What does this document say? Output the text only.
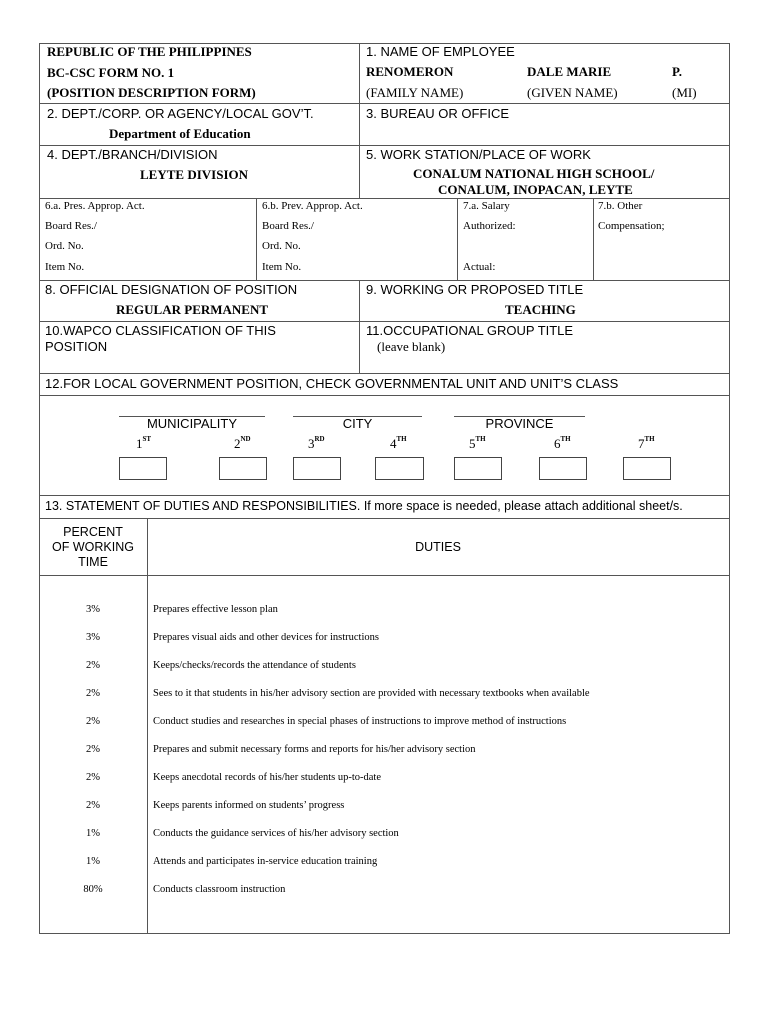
REPUBLIC OF THE PHILIPPINES
BC-CSC FORM NO. 1
(POSITION DESCRIPTION FORM)
1. NAME OF EMPLOYEE
RENOMERON	DALE MARIE	P.
(FAMILY NAME)	(GIVEN NAME)	(MI)
2. DEPT./CORP. OR AGENCY/LOCAL GOV’T.
Department of Education
3. BUREAU OR OFFICE
4. DEPT./BRANCH/DIVISION
LEYTE DIVISION
5. WORK STATION/PLACE OF WORK
CONALUM NATIONAL HIGH SCHOOL/
CONALUM, INOPACAN, LEYTE
6.a. Pres. Approp. Act.
Board Res./
Ord. No.
Item No.
6.b. Prev. Approp. Act.
Board Res./
Ord. No.
Item No.
7.a. Salary
Authorized:
Actual:
7.b. Other
Compensation;
8. OFFICIAL DESIGNATION OF POSITION
REGULAR PERMANENT
9. WORKING OR PROPOSED TITLE
TEACHING
10.WAPCO CLASSIFICATION OF THIS
POSITION
11.OCCUPATIONAL GROUP TITLE
(leave blank)
12.FOR LOCAL GOVERNMENT POSITION, CHECK GOVERNMENTAL UNIT AND UNIT’S CLASS
MUNICIPALITY	CITY	PROVINCE
1ST	2ND	3RD	4TH	5TH	6TH	7TH
13. STATEMENT OF DUTIES AND RESPONSIBILITIES. If more space is needed, please attach additional sheet/s.
PERCENT
OF WORKING
TIME
DUTIES
3%	Prepares effective lesson plan
3%	Prepares visual aids and other devices for instructions
2%	Keeps/checks/records the attendance of students
2%	Sees to it that students in his/her advisory section are provided with necessary textbooks when available
2%	Conduct studies and researches in special phases of instructions to improve method of instructions
2%	Prepares and submit necessary forms and reports for his/her advisory section
2%	Keeps anecdotal records of his/her students up-to-date
2%	Keeps parents informed on students’ progress
1%	Conducts the guidance services of his/her advisory section
1%	Attends and participates in-service education training
80%	Conducts classroom instruction
